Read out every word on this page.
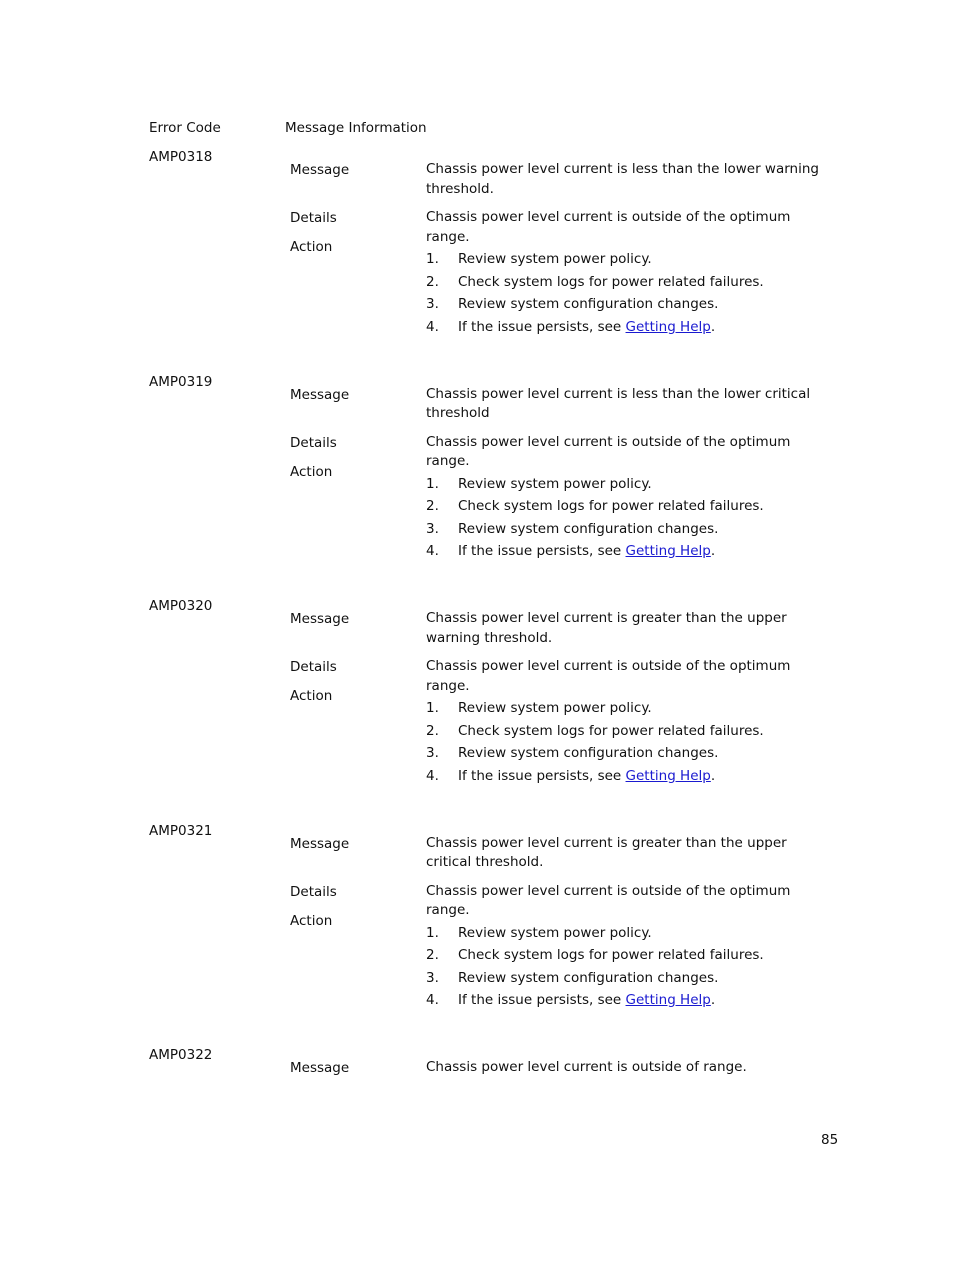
Error Code	Message Information
AMP0318
Message	Chassis power level current is less than the lower warning threshold.
Details	Chassis power level current is outside of the optimum range.
Action
1. Review system power policy.
2. Check system logs for power related failures.
3. Review system configuration changes.
4. If the issue persists, see Getting Help.
AMP0319
Message	Chassis power level current is less than the lower critical threshold
Details	Chassis power level current is outside of the optimum range.
Action
1. Review system power policy.
2. Check system logs for power related failures.
3. Review system configuration changes.
4. If the issue persists, see Getting Help.
AMP0320
Message	Chassis power level current is greater than the upper warning threshold.
Details	Chassis power level current is outside of the optimum range.
Action
1. Review system power policy.
2. Check system logs for power related failures.
3. Review system configuration changes.
4. If the issue persists, see Getting Help.
AMP0321
Message	Chassis power level current is greater than the upper critical threshold.
Details	Chassis power level current is outside of the optimum range.
Action
1. Review system power policy.
2. Check system logs for power related failures.
3. Review system configuration changes.
4. If the issue persists, see Getting Help.
AMP0322
Message	Chassis power level current is outside of range.
85
